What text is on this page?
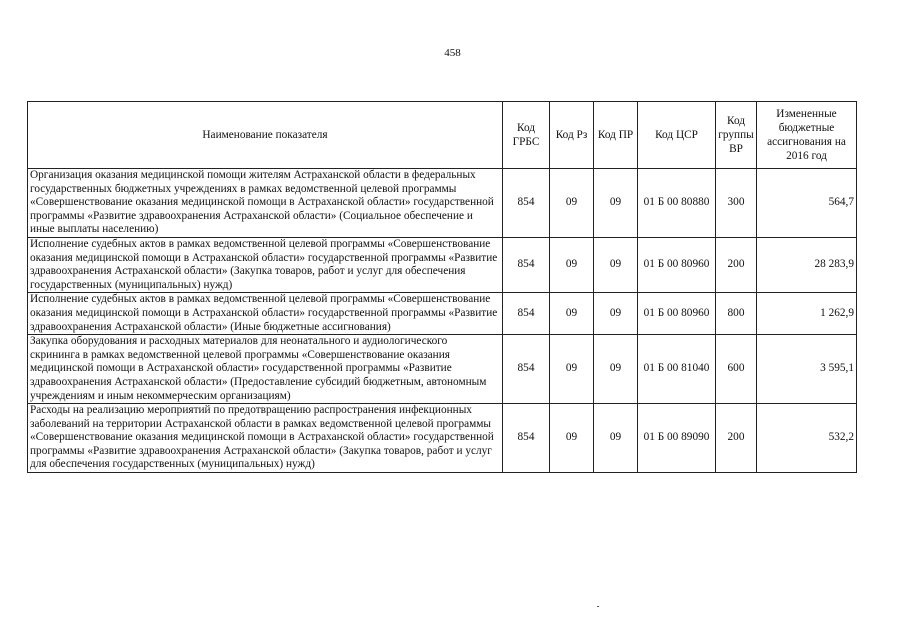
458
Наименование показателя	Код ГРБС	Код Рз	Код ПР	Код ЦСР	Код группы ВР	Измененные бюджетные ассигнования на 2016 год
Организация оказания медицинской помощи жителям Астраханской области в федеральных государственных бюджетных учреждениях в рамках ведомственной целевой программы «Совершенствование оказания медицинской помощи в Астраханской области» государственной программы «Развитие здравоохранения Астраханской области» (Социальное обеспечение и иные выплаты населению)	854	09	09	01 Б 00 80880	300	564,7
Исполнение судебных актов в рамках ведомственной целевой программы «Совершенствование оказания медицинской помощи в Астраханской области» государственной программы «Развитие здравоохранения Астраханской области» (Закупка товаров, работ и услуг для обеспечения государственных (муниципальных) нужд)	854	09	09	01 Б 00 80960	200	28 283,9
Исполнение судебных актов в рамках ведомственной целевой программы «Совершенствование оказания медицинской помощи в Астраханской области» государственной программы «Развитие здравоохранения Астраханской области» (Иные бюджетные ассигнования)	854	09	09	01 Б 00 80960	800	1 262,9
Закупка оборудования и расходных материалов для неонатального и аудиологического скрининга в рамках ведомственной целевой программы «Совершенствование оказания медицинской помощи в Астраханской области» государственной программы «Развитие здравоохранения Астраханской области» (Предоставление субсидий бюджетным, автономным учреждениям и иным некоммерческим организациям)	854	09	09	01 Б 00 81040	600	3 595,1
Расходы на реализацию мероприятий по предотвращению распространения инфекционных заболеваний на территории Астраханской области в рамках ведомственной целевой программы «Совершенствование оказания медицинской помощи в Астраханской области» государственной программы «Развитие здравоохранения Астраханской области» (Закупка товаров, работ и услуг для обеспечения государственных (муниципальных) нужд)	854	09	09	01 Б 00 89090	200	532,2
